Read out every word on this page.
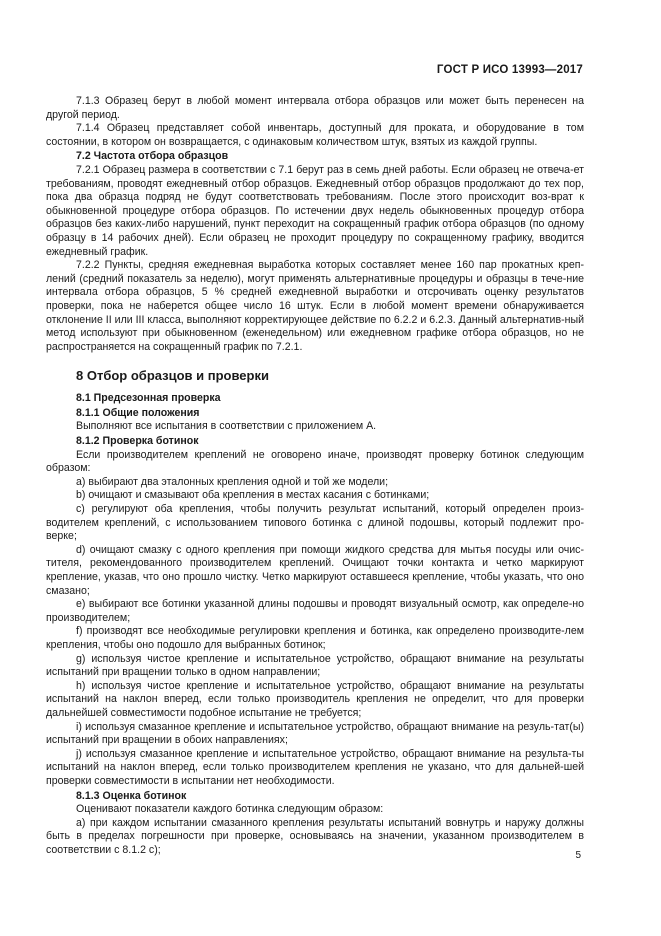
ГОСТ Р ИСО 13993—2017

7.1.3 Образец берут в любой момент интервала отбора образцов или может быть перенесен на другой период.

7.1.4 Образец представляет собой инвентарь, доступный для проката, и оборудование в том состоянии, в котором он возвращается, с одинаковым количеством штук, взятых из каждой группы.

7.2 Частота отбора образцов

7.2.1 Образец размера в соответствии с 7.1 берут раз в семь дней работы. Если образец не отвеча-ет требованиям, проводят ежедневный отбор образцов. Ежедневный отбор образцов продолжают до тех пор, пока два образца подряд не будут соответствовать требованиям. После этого происходит воз-врат к обыкновенной процедуре отбора образцов. По истечении двух недель обыкновенных процедур отбора образцов без каких-либо нарушений, пункт переходит на сокращенный график отбора образцов (по одному образцу в 14 рабочих дней). Если образец не проходит процедуру по сокращенному графику, вводится ежедневный график.

7.2.2 Пункты, средняя ежедневная выработка которых составляет менее 160 пар прокатных креп-лений (средний показатель за неделю), могут применять альтернативные процедуры и образцы в тече-ние интервала отбора образцов, 5 % средней ежедневной выработки и отсрочивать оценку результатов проверки, пока не наберется общее число 16 штук. Если в любой момент времени обнаруживается отклонение II или III класса, выполняют корректирующее действие по 6.2.2 и 6.2.3. Данный альтернатив-ный метод используют при обыкновенном (еженедельном) или ежедневном графике отбора образцов, но не распространяется на сокращенный график по 7.2.1.

8 Отбор образцов и проверки

8.1 Предсезонная проверка

8.1.1 Общие положения

Выполняют все испытания в соответствии с приложением А.

8.1.2 Проверка ботинок

Если производителем креплений не оговорено иначе, производят проверку ботинок следующим образом:

a) выбирают два эталонных крепления одной и той же модели;

b) очищают и смазывают оба крепления в местах касания с ботинками;

c) регулируют оба крепления, чтобы получить результат испытаний, который определен произ-водителем креплений, с использованием типового ботинка с длиной подошвы, который подлежит про-верке;

d) очищают смазку с одного крепления при помощи жидкого средства для мытья посуды или очис-тителя, рекомендованного производителем креплений. Очищают точки контакта и четко маркируют крепление, указав, что оно прошло чистку. Четко маркируют оставшееся крепление, чтобы указать, что оно смазано;

e) выбирают все ботинки указанной длины подошвы и проводят визуальный осмотр, как определе-но производителем;

f) производят все необходимые регулировки крепления и ботинка, как определено производите-лем крепления, чтобы оно подошло для выбранных ботинок;

g) используя чистое крепление и испытательное устройство, обращают внимание на результаты испытаний при вращении только в одном направлении;

h) используя чистое крепление и испытательное устройство, обращают внимание на результаты испытаний на наклон вперед, если только производитель крепления не определит, что для проверки дальнейшей совместимости подобное испытание не требуется;

i) используя смазанное крепление и испытательное устройство, обращают внимание на резуль-тат(ы) испытаний при вращении в обоих направлениях;

j) используя смазанное крепление и испытательное устройство, обращают внимание на результа-ты испытаний на наклон вперед, если только производителем крепления не указано, что для дальней-шей проверки совместимости в испытании нет необходимости.

8.1.3 Оценка ботинок

Оценивают показатели каждого ботинка следующим образом:

a) при каждом испытании смазанного крепления результаты испытаний вовнутрь и наружу должны быть в пределах погрешности при проверке, основываясь на значении, указанном производителем в соответствии с 8.1.2 c);	5
